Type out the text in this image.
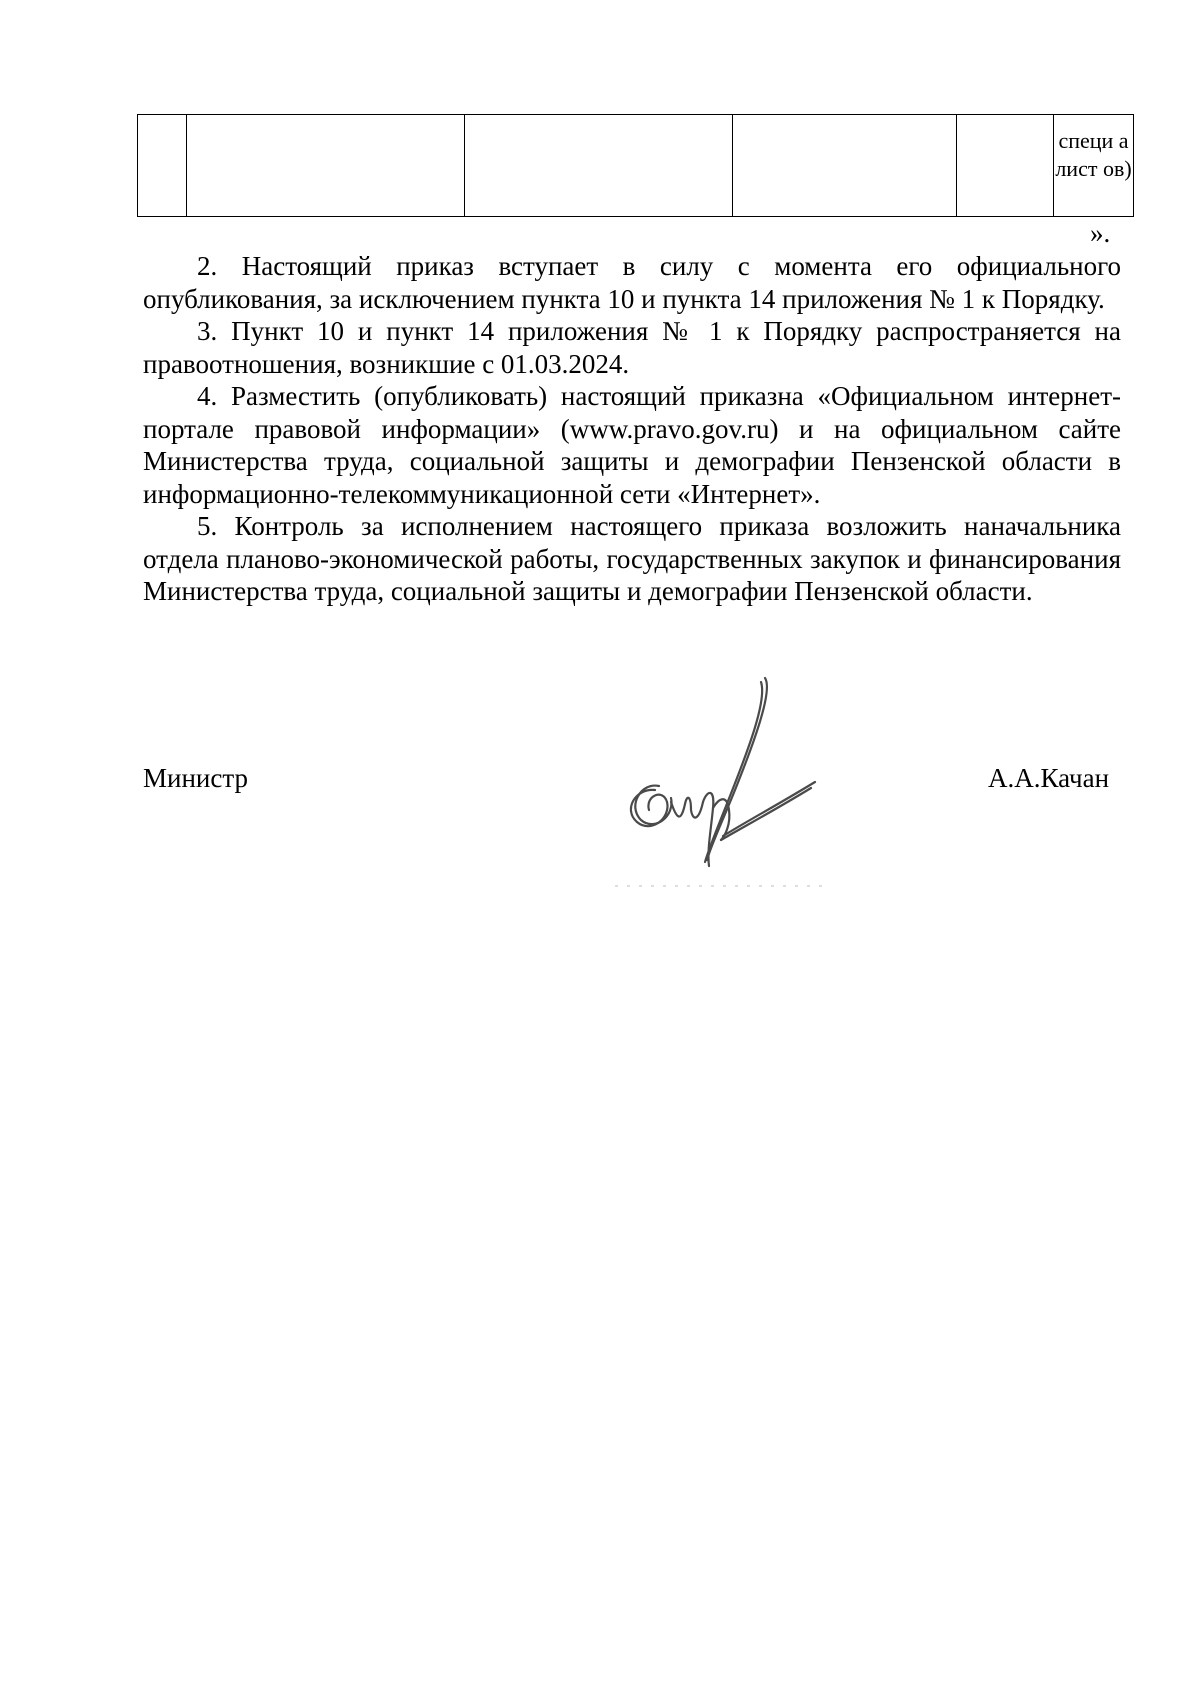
					специ алист ов)
».

2. Настоящий приказ вступает в силу с момента его официального опубликования, за исключением пункта 10 и пункта 14 приложения № 1 к Порядку.

3. Пункт 10 и пункт 14 приложения № 1 к Порядку распространяется на правоотношения, возникшие с 01.03.2024.

4. Разместить (опубликовать) настоящий приказна «Официальном интернет-портале правовой информации» (www.pravo.gov.ru) и на официальном сайте Министерства труда, социальной защиты и демографии Пензенской области в информационно-телекоммуникационной сети «Интернет».

5. Контроль за исполнением настоящего приказа возложить наначальника отдела планово-экономической работы, государственных закупок и финансирования Министерства труда, социальной защиты и демографии Пензенской области.

Министр	А.А.Качан
